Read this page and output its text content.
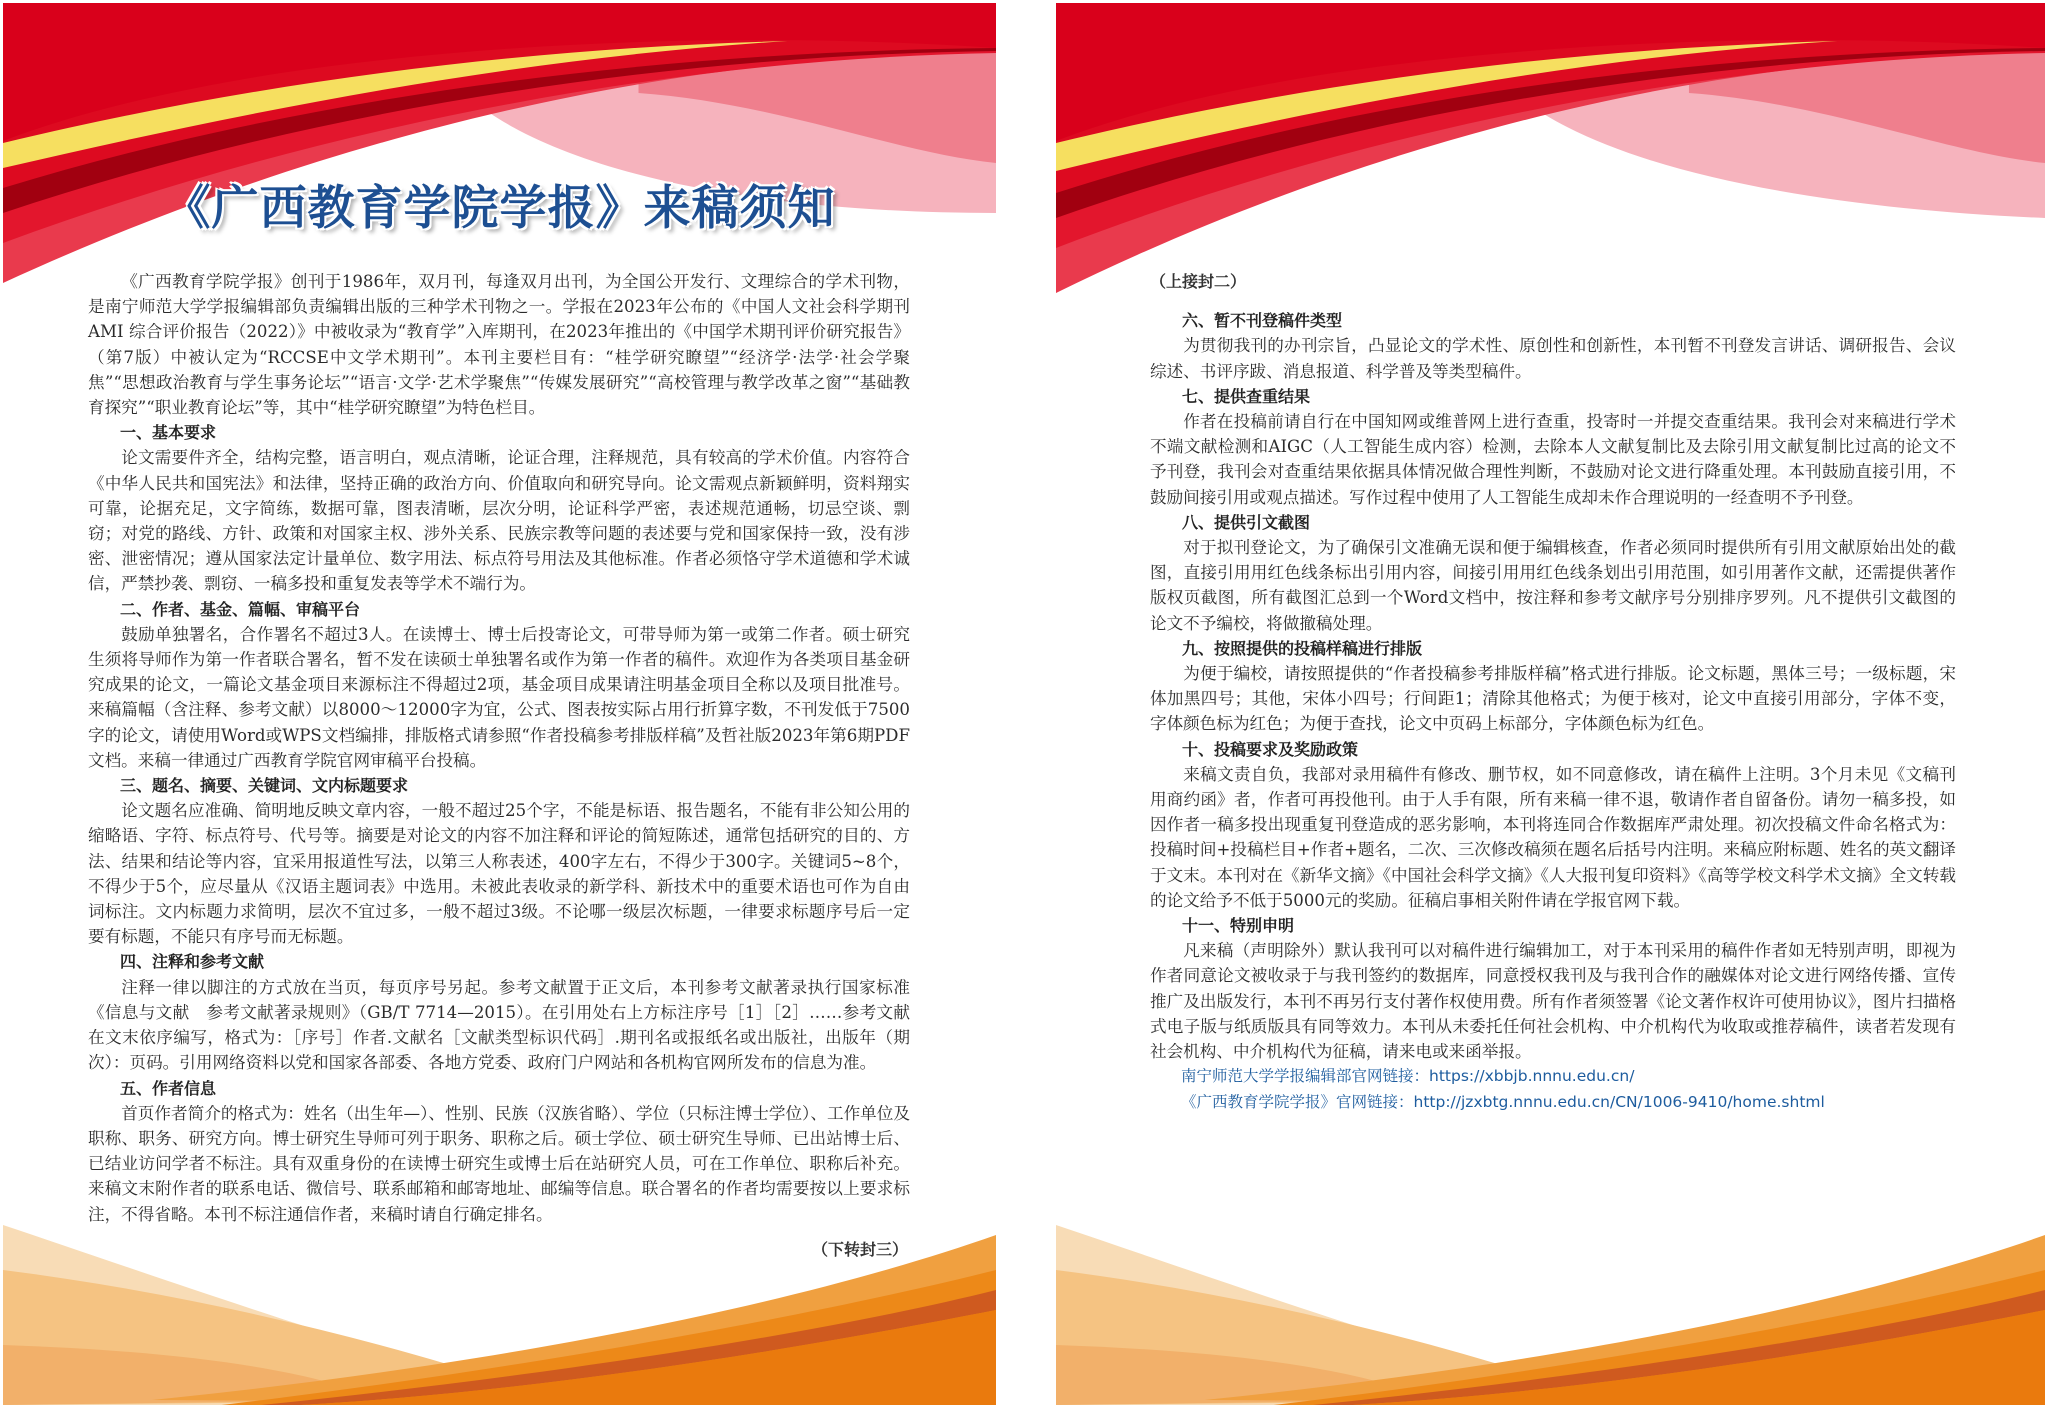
《广西教育学院学报》来稿须知

《广西教育学院学报》创刊于1986年，双月刊，每逢双月出刊，为全国公开发行、文理综合的学术刊物，是南宁师范大学学报编辑部负责编辑出版的三种学术刊物之一。学报在2023年公布的《中国人文社会科学期刊 AMI 综合评价报告（2022）》中被收录为“教育学”入库期刊，在2023年推出的《中国学术期刊评价研究报告》（第7版）中被认定为“RCCSE中文学术期刊”。本刊主要栏目有：“桂学研究瞭望”“经济学·法学·社会学聚焦”“思想政治教育与学生事务论坛”“语言·文学·艺术学聚焦”“传媒发展研究”“高校管理与教学改革之窗”“基础教育探究”“职业教育论坛”等，其中“桂学研究瞭望”为特色栏目。

一、基本要求

论文需要件齐全，结构完整，语言明白，观点清晰，论证合理，注释规范，具有较高的学术价值。内容符合《中华人民共和国宪法》和法律，坚持正确的政治方向、价值取向和研究导向。论文需观点新颖鲜明，资料翔实可靠，论据充足，文字简练，数据可靠，图表清晰，层次分明，论证科学严密，表述规范通畅，切忌空谈、剽窃；对党的路线、方针、政策和对国家主权、涉外关系、民族宗教等问题的表述要与党和国家保持一致，没有涉密、泄密情况；遵从国家法定计量单位、数字用法、标点符号用法及其他标准。作者必须恪守学术道德和学术诚信，严禁抄袭、剽窃、一稿多投和重复发表等学术不端行为。

二、作者、基金、篇幅、审稿平台

鼓励单独署名，合作署名不超过3人。在读博士、博士后投寄论文，可带导师为第一或第二作者。硕士研究生须将导师作为第一作者联合署名，暂不发在读硕士单独署名或作为第一作者的稿件。欢迎作为各类项目基金研究成果的论文，一篇论文基金项目来源标注不得超过2项，基金项目成果请注明基金项目全称以及项目批准号。来稿篇幅（含注释、参考文献）以8000～12000字为宜，公式、图表按实际占用行折算字数，不刊发低于7500字的论文，请使用Word或WPS文档编排，排版格式请参照“作者投稿参考排版样稿”及哲社版2023年第6期PDF文档。来稿一律通过广西教育学院官网审稿平台投稿。

三、题名、摘要、关键词、文内标题要求

论文题名应准确、简明地反映文章内容，一般不超过25个字，不能是标语、报告题名，不能有非公知公用的缩略语、字符、标点符号、代号等。摘要是对论文的内容不加注释和评论的简短陈述，通常包括研究的目的、方法、结果和结论等内容，宜采用报道性写法，以第三人称表述，400字左右，不得少于300字。关键词5~8个，不得少于5个，应尽量从《汉语主题词表》中选用。未被此表收录的新学科、新技术中的重要术语也可作为自由词标注。文内标题力求简明，层次不宜过多，一般不超过3级。不论哪一级层次标题，一律要求标题序号后一定要有标题，不能只有序号而无标题。

四、注释和参考文献

注释一律以脚注的方式放在当页，每页序号另起。参考文献置于正文后，本刊参考文献著录执行国家标准《信息与文献　参考文献著录规则》（GB/T 7714—2015）。在引用处右上方标注序号［1］［2］……参考文献在文末依序编写，格式为：［序号］作者.文献名［文献类型标识代码］.期刊名或报纸名或出版社，出版年（期次）：页码。引用网络资料以党和国家各部委、各地方党委、政府门户网站和各机构官网所发布的信息为准。

五、作者信息

首页作者简介的格式为：姓名（出生年—）、性别、民族（汉族省略）、学位（只标注博士学位）、工作单位及职称、职务、研究方向。博士研究生导师可列于职务、职称之后。硕士学位、硕士研究生导师、已出站博士后、已结业访问学者不标注。具有双重身份的在读博士研究生或博士后在站研究人员，可在工作单位、职称后补充。来稿文末附作者的联系电话、微信号、联系邮箱和邮寄地址、邮编等信息。联合署名的作者均需要按以上要求标注，不得省略。本刊不标注通信作者，来稿时请自行确定排名。

（下转封三）
（上接封二）

六、暂不刊登稿件类型

为贯彻我刊的办刊宗旨，凸显论文的学术性、原创性和创新性，本刊暂不刊登发言讲话、调研报告、会议综述、书评序跋、消息报道、科学普及等类型稿件。

七、提供查重结果

作者在投稿前请自行在中国知网或维普网上进行查重，投寄时一并提交查重结果。我刊会对来稿进行学术不端文献检测和AIGC（人工智能生成内容）检测，去除本人文献复制比及去除引用文献复制比过高的论文不予刊登，我刊会对查重结果依据具体情况做合理性判断，不鼓励对论文进行降重处理。本刊鼓励直接引用，不鼓励间接引用或观点描述。写作过程中使用了人工智能生成却未作合理说明的一经查明不予刊登。

八、提供引文截图

对于拟刊登论文，为了确保引文准确无误和便于编辑核查，作者必须同时提供所有引用文献原始出处的截图，直接引用用红色线条标出引用内容，间接引用用红色线条划出引用范围，如引用著作文献，还需提供著作版权页截图，所有截图汇总到一个Word文档中，按注释和参考文献序号分别排序罗列。凡不提供引文截图的论文不予编校，将做撤稿处理。

九、按照提供的投稿样稿进行排版

为便于编校，请按照提供的“作者投稿参考排版样稿”格式进行排版。论文标题，黑体三号；一级标题，宋体加黑四号；其他，宋体小四号；行间距1；清除其他格式；为便于核对，论文中直接引用部分，字体不变，字体颜色标为红色；为便于查找，论文中页码上标部分，字体颜色标为红色。

十、投稿要求及奖励政策

来稿文责自负，我部对录用稿件有修改、删节权，如不同意修改，请在稿件上注明。3个月未见《文稿刊用商约函》者，作者可再投他刊。由于人手有限，所有来稿一律不退，敬请作者自留备份。请勿一稿多投，如因作者一稿多投出现重复刊登造成的恶劣影响，本刊将连同合作数据库严肃处理。初次投稿文件命名格式为：投稿时间+投稿栏目+作者+题名，二次、三次修改稿须在题名后括号内注明。来稿应附标题、姓名的英文翻译于文末。本刊对在《新华文摘》《中国社会科学文摘》《人大报刊复印资料》《高等学校文科学术文摘》全文转载的论文给予不低于5000元的奖励。征稿启事相关附件请在学报官网下载。

十一、特别申明

凡来稿（声明除外）默认我刊可以对稿件进行编辑加工，对于本刊采用的稿件作者如无特别声明，即视为作者同意论文被收录于与我刊签约的数据库，同意授权我刊及与我刊合作的融媒体对论文进行网络传播、宣传推广及出版发行，本刊不再另行支付著作权使用费。所有作者须签署《论文著作权许可使用协议》，图片扫描格式电子版与纸质版具有同等效力。本刊从未委托任何社会机构、中介机构代为收取或推荐稿件，读者若发现有社会机构、中介机构代为征稿，请来电或来函举报。

南宁师范大学学报编辑部官网链接：https://xbbjb.nnnu.edu.cn/

《广西教育学院学报》官网链接：http://jzxbtg.nnnu.edu.cn/CN/1006-9410/home.shtml
